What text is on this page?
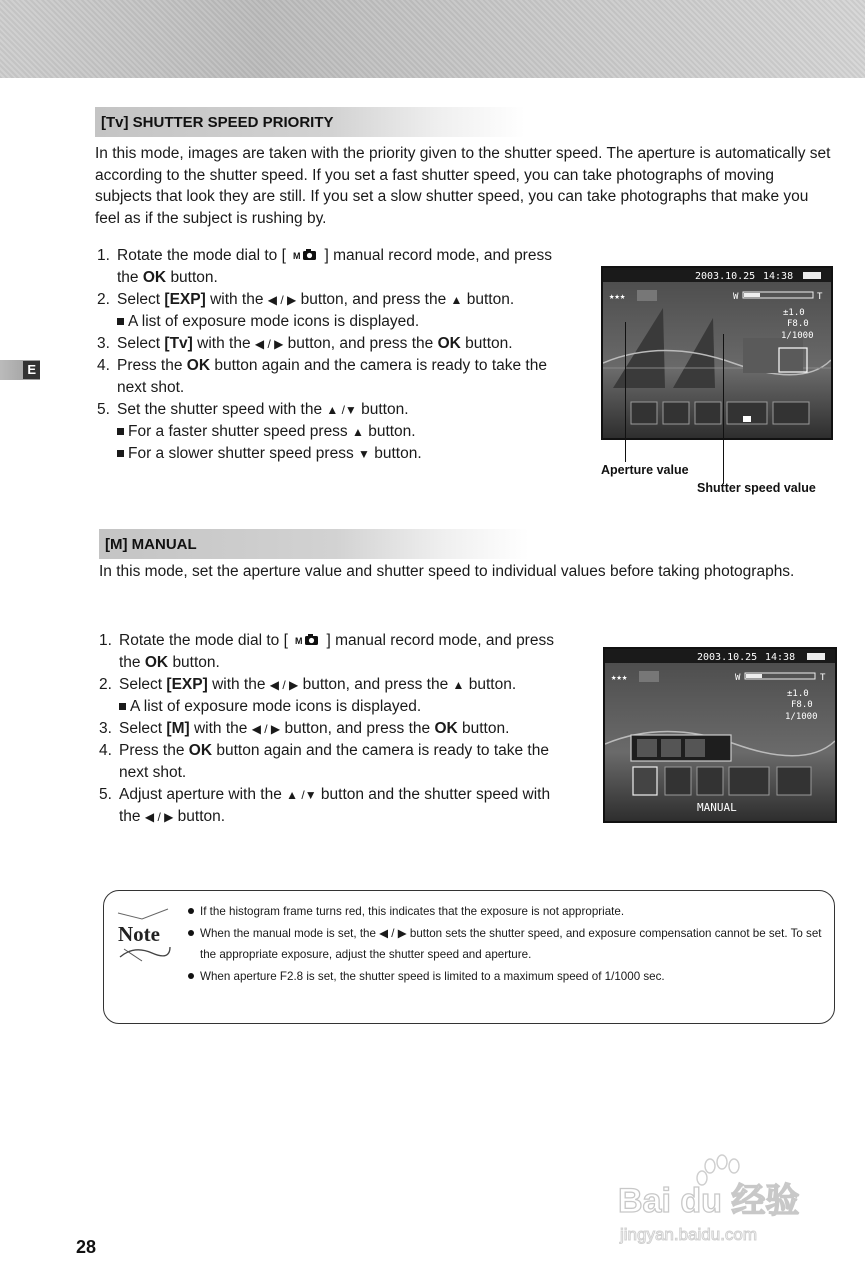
E
[Tv] SHUTTER SPEED PRIORITY

In this mode, images are taken with the priority given to the shutter speed. The aperture is automatically set according to the shutter speed. If you set a fast shutter speed, you can take photographs of moving subjects that look they are still. If you set a slow shutter speed, you can take photographs that make you feel as if the subject is rushing by.

1. Rotate the mode dial to [ M ] manual record mode, and press the OK button.
2. Select [EXP] with the ◀ / ▶ button, and press the ▲ button.
A list of exposure mode icons is displayed.
3. Select [Tv] with the ◀ / ▶ button, and press the OK button.
4. Press the OK button again and the camera is ready to take the next shot.
5. Set the shutter speed with the ▲ /▼ button.
For a faster shutter speed press ▲ button.
For a slower shutter speed press ▼ button.
2003.10.25 14:38
★★★	W	T
±1.0
F8.0
1/1000
Aperture value
Shutter speed value
[M] MANUAL

In this mode, set the aperture value and shutter speed to individual values before taking photographs.

1. Rotate the mode dial to [ M ] manual record mode, and press the OK button.
2. Select [EXP] with the ◀ / ▶ button, and press the ▲ button.
A list of exposure mode icons is displayed.
3. Select [M] with the ◀ / ▶ button, and press the OK button.
4. Press the OK button again and the camera is ready to take the next shot.
5. Adjust aperture with the ▲ /▼ button and the shutter speed with the ◀ / ▶ button.
2003.10.25 14:38
★★★	W	T
±1.0
F8.0
1/1000
MANUAL
Note
If the histogram frame turns red, this indicates that the exposure is not appropriate.
When the manual mode is set, the ◀ / ▶ button sets the shutter speed, and exposure compensation cannot be set. To set the appropriate exposure, adjust the shutter speed and aperture.
When aperture F2.8 is set, the shutter speed is limited to a maximum speed of 1/1000 sec.
Bai du 经验
jingyan.baidu.com
28
